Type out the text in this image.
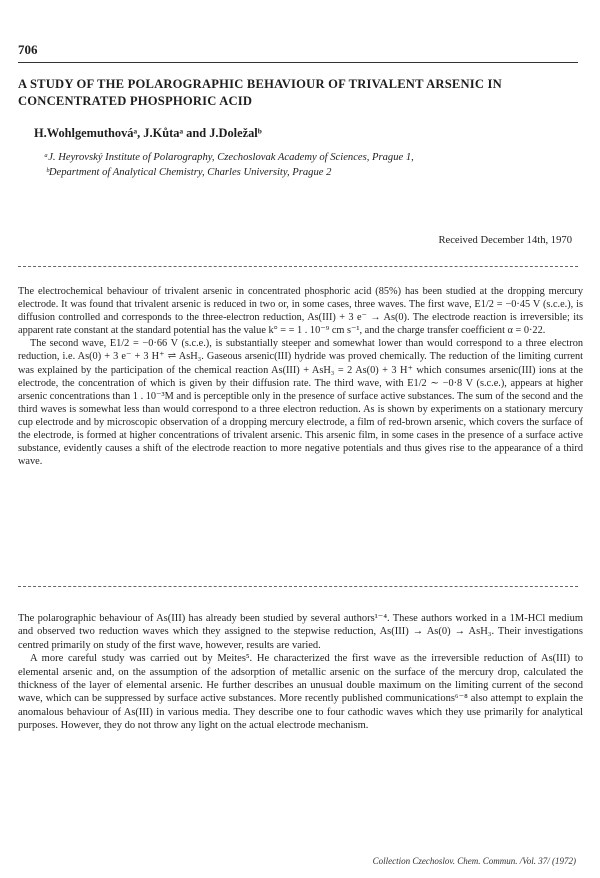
706
A STUDY OF THE POLAROGRAPHIC BEHAVIOUR OF TRIVALENT ARSENIC IN CONCENTRATED PHOSPHORIC ACID
H.Wohlgemuthováᵃ, J.Kůtaᵃ and J.Doležalᵇ
ᵃJ. Heyrovský Institute of Polarography, Czechoslovak Academy of Sciences, Prague 1,
ᵇDepartment of Analytical Chemistry, Charles University, Prague 2
Received December 14th, 1970

The electrochemical behaviour of trivalent arsenic in concentrated phosphoric acid (85%) has been studied at the dropping mercury electrode. It was found that trivalent arsenic is reduced in two or, in some cases, three waves. The first wave, E1/2 = −0·45 V (s.c.e.), is diffusion controlled and corresponds to the three-electron reduction, As(III) + 3 e⁻ → As(0). The electrode reaction is irreversible; its apparent rate constant at the standard potential has the value k° = = 1 . 10⁻⁹ cm s⁻¹, and the charge transfer coefficient α = 0·22.

The second wave, E1/2 = −0·66 V (s.c.e.), is substantially steeper and somewhat lower than would correspond to a three electron reduction, i.e. As(0) + 3 e⁻ + 3 H⁺ ⇌ AsH₃. Gaseous arsenic(III) hydride was proved chemically. The reduction of the limiting current was explained by the participation of the chemical reaction As(III) + AsH₃ = 2 As(0) + 3 H⁺ which consumes arsenic(III) ions at the electrode, the concentration of which is given by their diffusion rate. The third wave, with E1/2 ∼ −0·8 V (s.c.e.), appears at higher arsenic concentrations than 1 . 10⁻³M and is perceptible only in the presence of surface active substances. The sum of the second and the third waves is somewhat less than would correspond to a three electron reduction. As is shown by experiments on a stationary mercury cup electrode and by microscopic observation of a dropping mercury electrode, a film of red-brown arsenic, which covers the surface of the electrode, is formed at higher concentrations of trivalent arsenic. This arsenic film, in some cases in the presence of a surface active substance, evidently causes a shift of the electrode reaction to more negative potentials and thus gives rise to the appearance of a third wave.

The polarographic behaviour of As(III) has already been studied by several authors¹⁻⁴. These authors worked in a 1M-HCl medium and observed two reduction waves which they assigned to the stepwise reduction, As(III) → As(0) → AsH₃. Their investigations centred primarily on study of the first wave, however, results are varied.

A more careful study was carried out by Meites⁵. He characterized the first wave as the irreversible reduction of As(III) to elemental arsenic and, on the assumption of the adsorption of metallic arsenic on the surface of the mercury drop, calculated the thickness of the layer of elemental arsenic. He further describes an unusual double maximum on the limiting current of the second wave, which can be suppressed by surface active substances. More recently published communications⁶⁻⁸ also attempt to explain the anomalous behaviour of As(III) in various media. They describe one to four cathodic waves which they use primarily for analytical purposes. However, they do not throw any light on the actual electrode mechanism.

Collection Czechoslov. Chem. Commun. /Vol. 37/ (1972)
